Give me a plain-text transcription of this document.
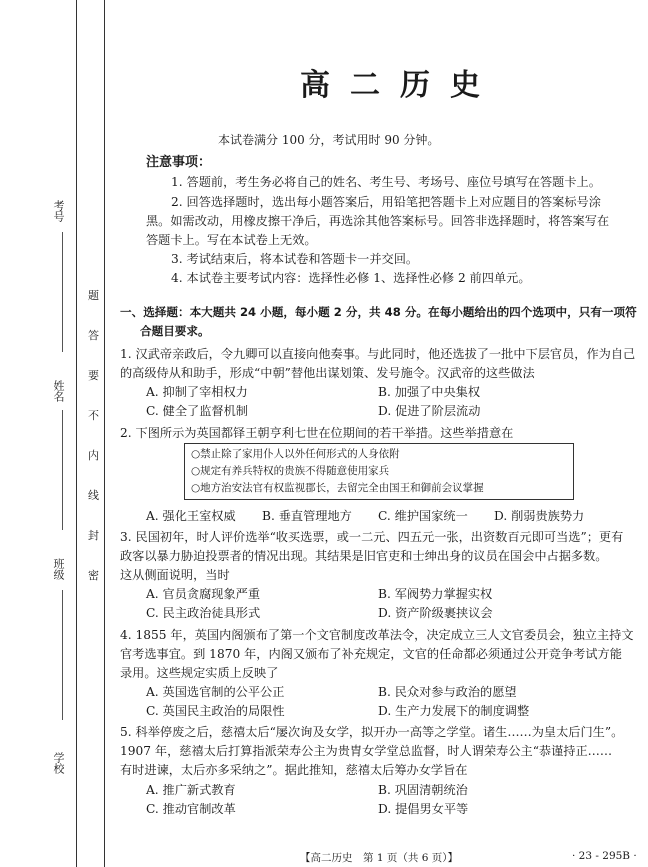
考号
姓名
班级
学校
题
答
要
不
内
线
封
密
高二历史
本试卷满分 100 分，考试用时 90 分钟。
注意事项：
1. 答题前，考生务必将自己的姓名、考生号、考场号、座位号填写在答题卡上。
2. 回答选择题时，选出每小题答案后，用铅笔把答题卡上对应题目的答案标号涂
黑。如需改动，用橡皮擦干净后，再选涂其他答案标号。回答非选择题时，将答案写在
答题卡上。写在本试卷上无效。
3. 考试结束后，将本试卷和答题卡一并交回。
4. 本试卷主要考试内容：选择性必修 1、选择性必修 2 前四单元。
一、选择题：本大题共 24 小题，每小题 2 分，共 48 分。在每小题给出的四个选项中，只有一项符
合题目要求。
1. 汉武帝亲政后，令九卿可以直接向他奏事。与此同时，他还选拔了一批中下层官员，作为自己
的高级侍从和助手，形成“中朝”替他出谋划策、发号施令。汉武帝的这些做法
A. 抑制了宰相权力	B. 加强了中央集权
C. 健全了监督机制	D. 促进了阶层流动
2. 下图所示为英国都铎王朝亨利七世在位期间的若干举措。这些举措意在
○禁止除了家用仆人以外任何形式的人身依附
○规定有养兵特权的贵族不得随意使用家兵
○地方治安法官有权监视郡长，去留完全由国王和御前会议掌握
A. 强化王室权威 B. 垂直管理地方 C. 维护国家统一 D. 削弱贵族势力
3. 民国初年，时人评价选举“收买选票，或一二元、四五元一张，出资数百元即可当选”；更有
政客以暴力胁迫投票者的情况出现。其结果是旧官吏和士绅出身的议员在国会中占据多数。
这从侧面说明，当时
A. 官员贪腐现象严重	B. 军阀势力掌握实权
C. 民主政治徒具形式	D. 资产阶级裹挟议会
4. 1855 年，英国内阁颁布了第一个文官制度改革法令，决定成立三人文官委员会，独立主持文
官考选事宜。到 1870 年，内阁又颁布了补充规定，文官的任命都必须通过公开竞争考试方能
录用。这些规定实质上反映了
A. 英国选官制的公平公正	B. 民众对参与政治的愿望
C. 英国民主政治的局限性	D. 生产力发展下的制度调整
5. 科举停废之后，慈禧太后“屡次询及女学，拟开办一高等之学堂。诸生……为皇太后门生”。
1907 年，慈禧太后打算指派荣寿公主为贵胄女学堂总监督，时人谓荣寿公主“恭谨持正……
有时进谏，太后亦多采纳之”。据此推知，慈禧太后筹办女学旨在
A. 推广新式教育	B. 巩固清朝统治
C. 推动官制改革	D. 提倡男女平等
【高二历史　第 1 页（共 6 页）】	· 23 - 295B ·
